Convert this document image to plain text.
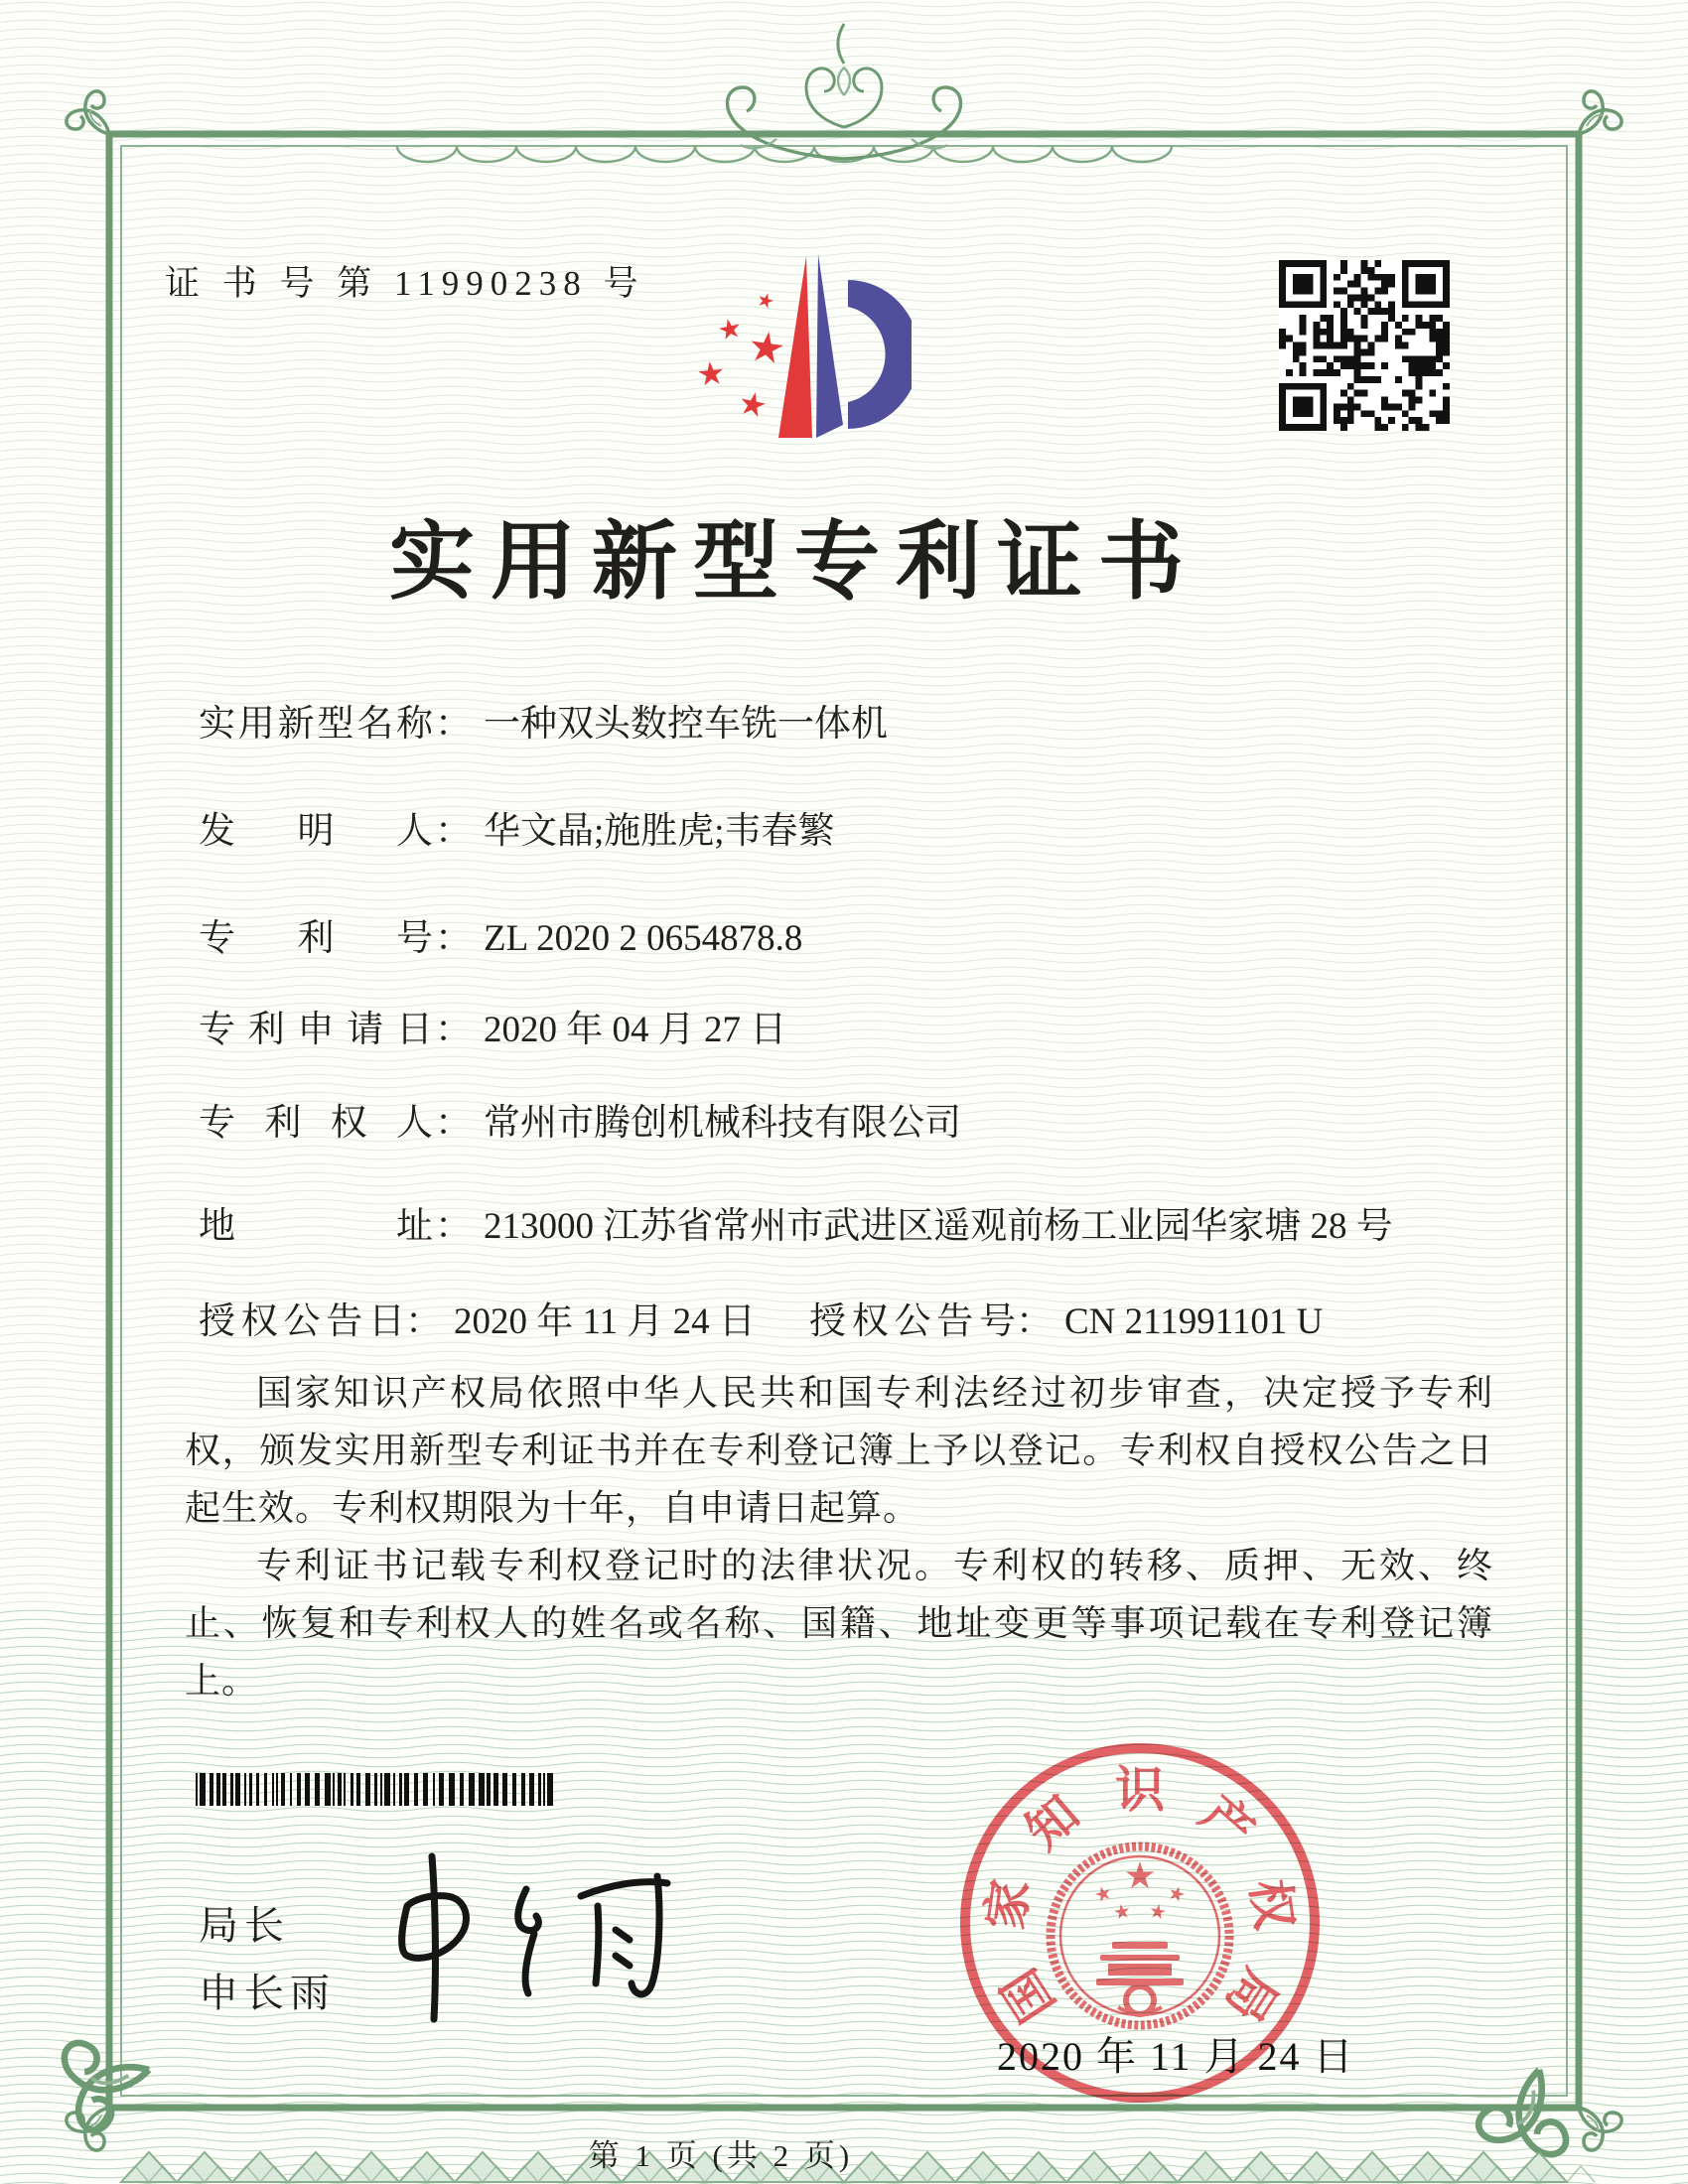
证 书 号 第 11990238 号
实用新型专利证书
实用新型名称： 一种双头数控车铣一体机
发明人： 华文晶;施胜虎;韦春繁
专利号： ZL 2020 2 0654878.8
专利申请日： 2020 年 04 月 27 日
专利权人： 常州市腾创机械科技有限公司
地址： 213000 江苏省常州市武进区遥观前杨工业园华家塘 28 号
授权公告日： 2020 年 11 月 24 日 授权公告号： CN 211991101 U

国家知识产权局依照中华人民共和国专利法经过初步审查，决定授予专利权，颁发实用新型专利证书并在专利登记簿上予以登记。专利权自授权公告之日起生效。专利权期限为十年，自申请日起算。

专利证书记载专利权登记时的法律状况。专利权的转移、质押、无效、终止、恢复和专利权人的姓名或名称、国籍、地址变更等事项记载在专利登记簿上。

局长
申长雨	国
家
知 识 产
权
局
2020 年 11 月 24 日
第 1 页 (共 2 页)
